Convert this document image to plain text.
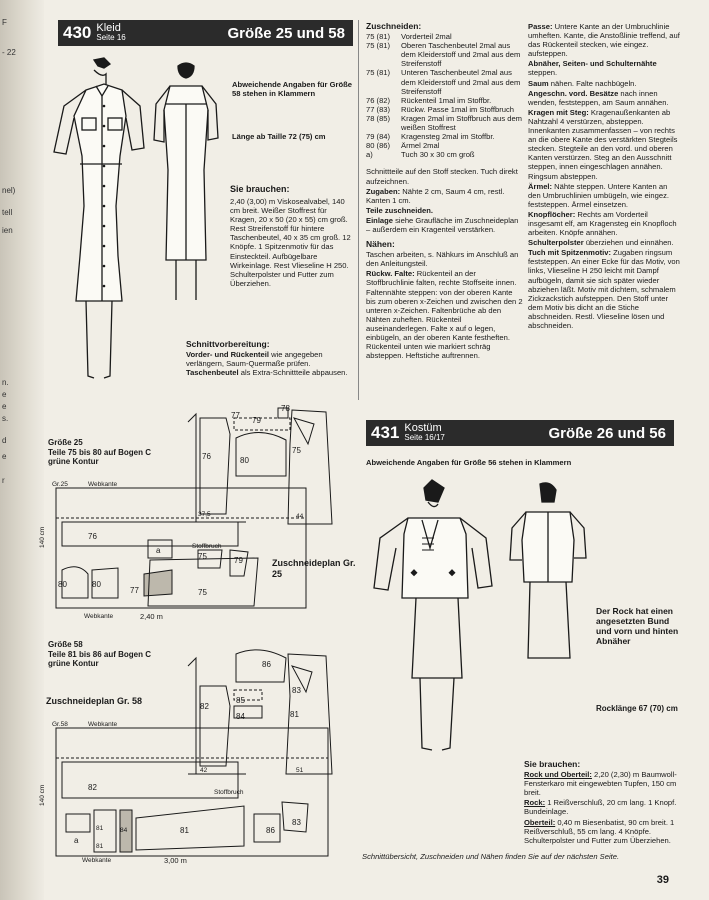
F
- 22
nel)
tell
ien
n.
e
e
s.
d
e
r
430 Kleid
Seite 16	Größe 25 und 58
Abweichende Angaben für Größe 58 stehen in Klammern
Länge ab Taille 72 (75) cm
Sie brauchen:
2,40 (3,00) m Viskosealvabel, 140 cm breit. Weißer Stoffrest für Kragen, 20 x 50 (20 x 55) cm groß. Rest Streifenstoff für hintere Taschenbeutel, 40 x 35 cm groß. 12 Knöpfe. 1 Spitzenmotiv für das Einsteckteil. Aufbügelbare Wirkeinlage. Rest Vlieseline H 250. Schulterpolster und Futter zum Überziehen.

Schnittvorbereitung:

Vorder- und Rückenteil wie angegeben verlängern, Saum-Quermaße prüfen. Taschenbeutel als Extra-Schnittteile abpausen.

Größe 25
Teile 75 bis 80 auf Bogen C
grüne Kontur
77
78
79
76	80
75
37,5	44
Gr.25	Webkante
76
80	80
77
75	79
a
75
Stoffbruch
140 cm
Webkante	2,40 m
Zuschneideplan Gr. 25
Größe 58
Teile 81 bis 86 auf Bogen C
grüne Kontur
Zuschneideplan Gr. 58
86
85
84
82
81
83
42	51
Gr.58	Webkante
82
a
81
81
84	81	86
83
Stoffbruch
140 cm
Webkante	3,00 m

Zuschneiden:

75 (81)	Vorderteil 2mal
75 (81)	Oberen Taschenbeutel 2mal aus dem Kleiderstoff und 2mal aus dem Streifenstoff
75 (81)	Unteren Taschenbeutel 2mal aus dem Kleiderstoff und 2mal aus dem Streifenstoff
76 (82)	Rückenteil 1mal im Stoffbr.
77 (83)	Rückw. Passe 1mal im Stoffbruch
78 (85)	Kragen 2mal im Stoffbruch aus dem weißen Stoffrest
79 (84)	Kragensteg 2mal im Stoffbr.
80 (86)	Ärmel 2mal
a)	Tuch 30 x 30 cm groß

Schnittteile auf den Stoff stecken. Tuch direkt aufzeichnen.

Zugaben: Nähte 2 cm, Saum 4 cm, restl. Kanten 1 cm.

Teile zuschneiden.

Einlage siehe Graufläche im Zuschneideplan – außerdem ein Kragenteil verstärken.

Nähen:

Taschen arbeiten, s. Nähkurs im Anschluß an den Anleitungsteil.

Rückw. Falte: Rückenteil an der Stoffbruchlinie falten, rechte Stoffseite innen. Faltennähte steppen: von der oberen Kante bis zum oberen x-Zeichen und zwischen den 2 unteren x-Zeichen. Faltenbrüche ab den Nähten zuheften. Rückenteil auseinanderlegen. Falte x auf o legen, einbügeln, an der oberen Kante festheften. Rückenteil unten wie markiert schräg absteppen. Heftstiche auftrennen.

Passe: Untere Kante an der Umbruchlinie umheften. Kante, die Anstoßlinie treffend, auf das Rückenteil stecken, wie eingez. aufsteppen.

Abnäher, Seiten- und Schulternähte steppen.

Saum nähen. Falte nachbügeln.

Angeschn. vord. Besätze nach innen wenden, feststeppen, am Saum annähen.

Kragen mit Steg: Kragenaußenkanten ab Nahtzahl 4 verstürzen, absteppen. Innenkanten zusammenfassen – von rechts an die obere Kante des verstärkten Stegteils stecken. Stegteile an den vord. und oberen Kanten verstürzen. Steg an den Ausschnitt steppen, innen eingeschlagen annähen. Ringsum absteppen.

Ärmel: Nähte steppen. Untere Kanten an den Umbruchlinien umbügeln, wie eingez. feststeppen. Ärmel einsetzen.

Knopflöcher: Rechts am Vorderteil insgesamt elf, am Kragensteg ein Knopfloch arbeiten. Knöpfe annähen.

Schulterpolster überziehen und einnähen.

Tuch mit Spitzenmotiv: Zugaben ringsum feststeppen. An einer Ecke für das Motiv, von links, Vlieseline H 250 leicht mit Dampf aufbügeln, damit sie sich später wieder abziehen läßt. Motiv mit dichtem, schmalem Zickzackstich aufsteppen. Den Stoff unter dem Motiv bis dicht an die Stiche abschneiden. Restl. Vlieseline lösen und abschneiden.

431 Kostüm
Seite 16/17	Größe 26 und 56
Abweichende Angaben für Größe 56 stehen in Klammern
Der Rock hat einen angesetzten Bund und vorn und hinten Abnäher
Rocklänge 67 (70) cm

Sie brauchen:

Rock und Oberteil: 2,20 (2,30) m Baumwoll-Fensterkaro mit eingewebten Tupfen, 150 cm breit.

Rock: 1 Reißverschluß, 20 cm lang. 1 Knopf. Bundeinlage.

Oberteil: 0,40 m Biesenbatist, 90 cm breit. 1 Reißverschluß, 55 cm lang. 4 Knöpfe. Schulterpolster und Futter zum Überziehen.

Schnittübersicht, Zuschneiden und Nähen finden Sie auf der nächsten Seite.
39
